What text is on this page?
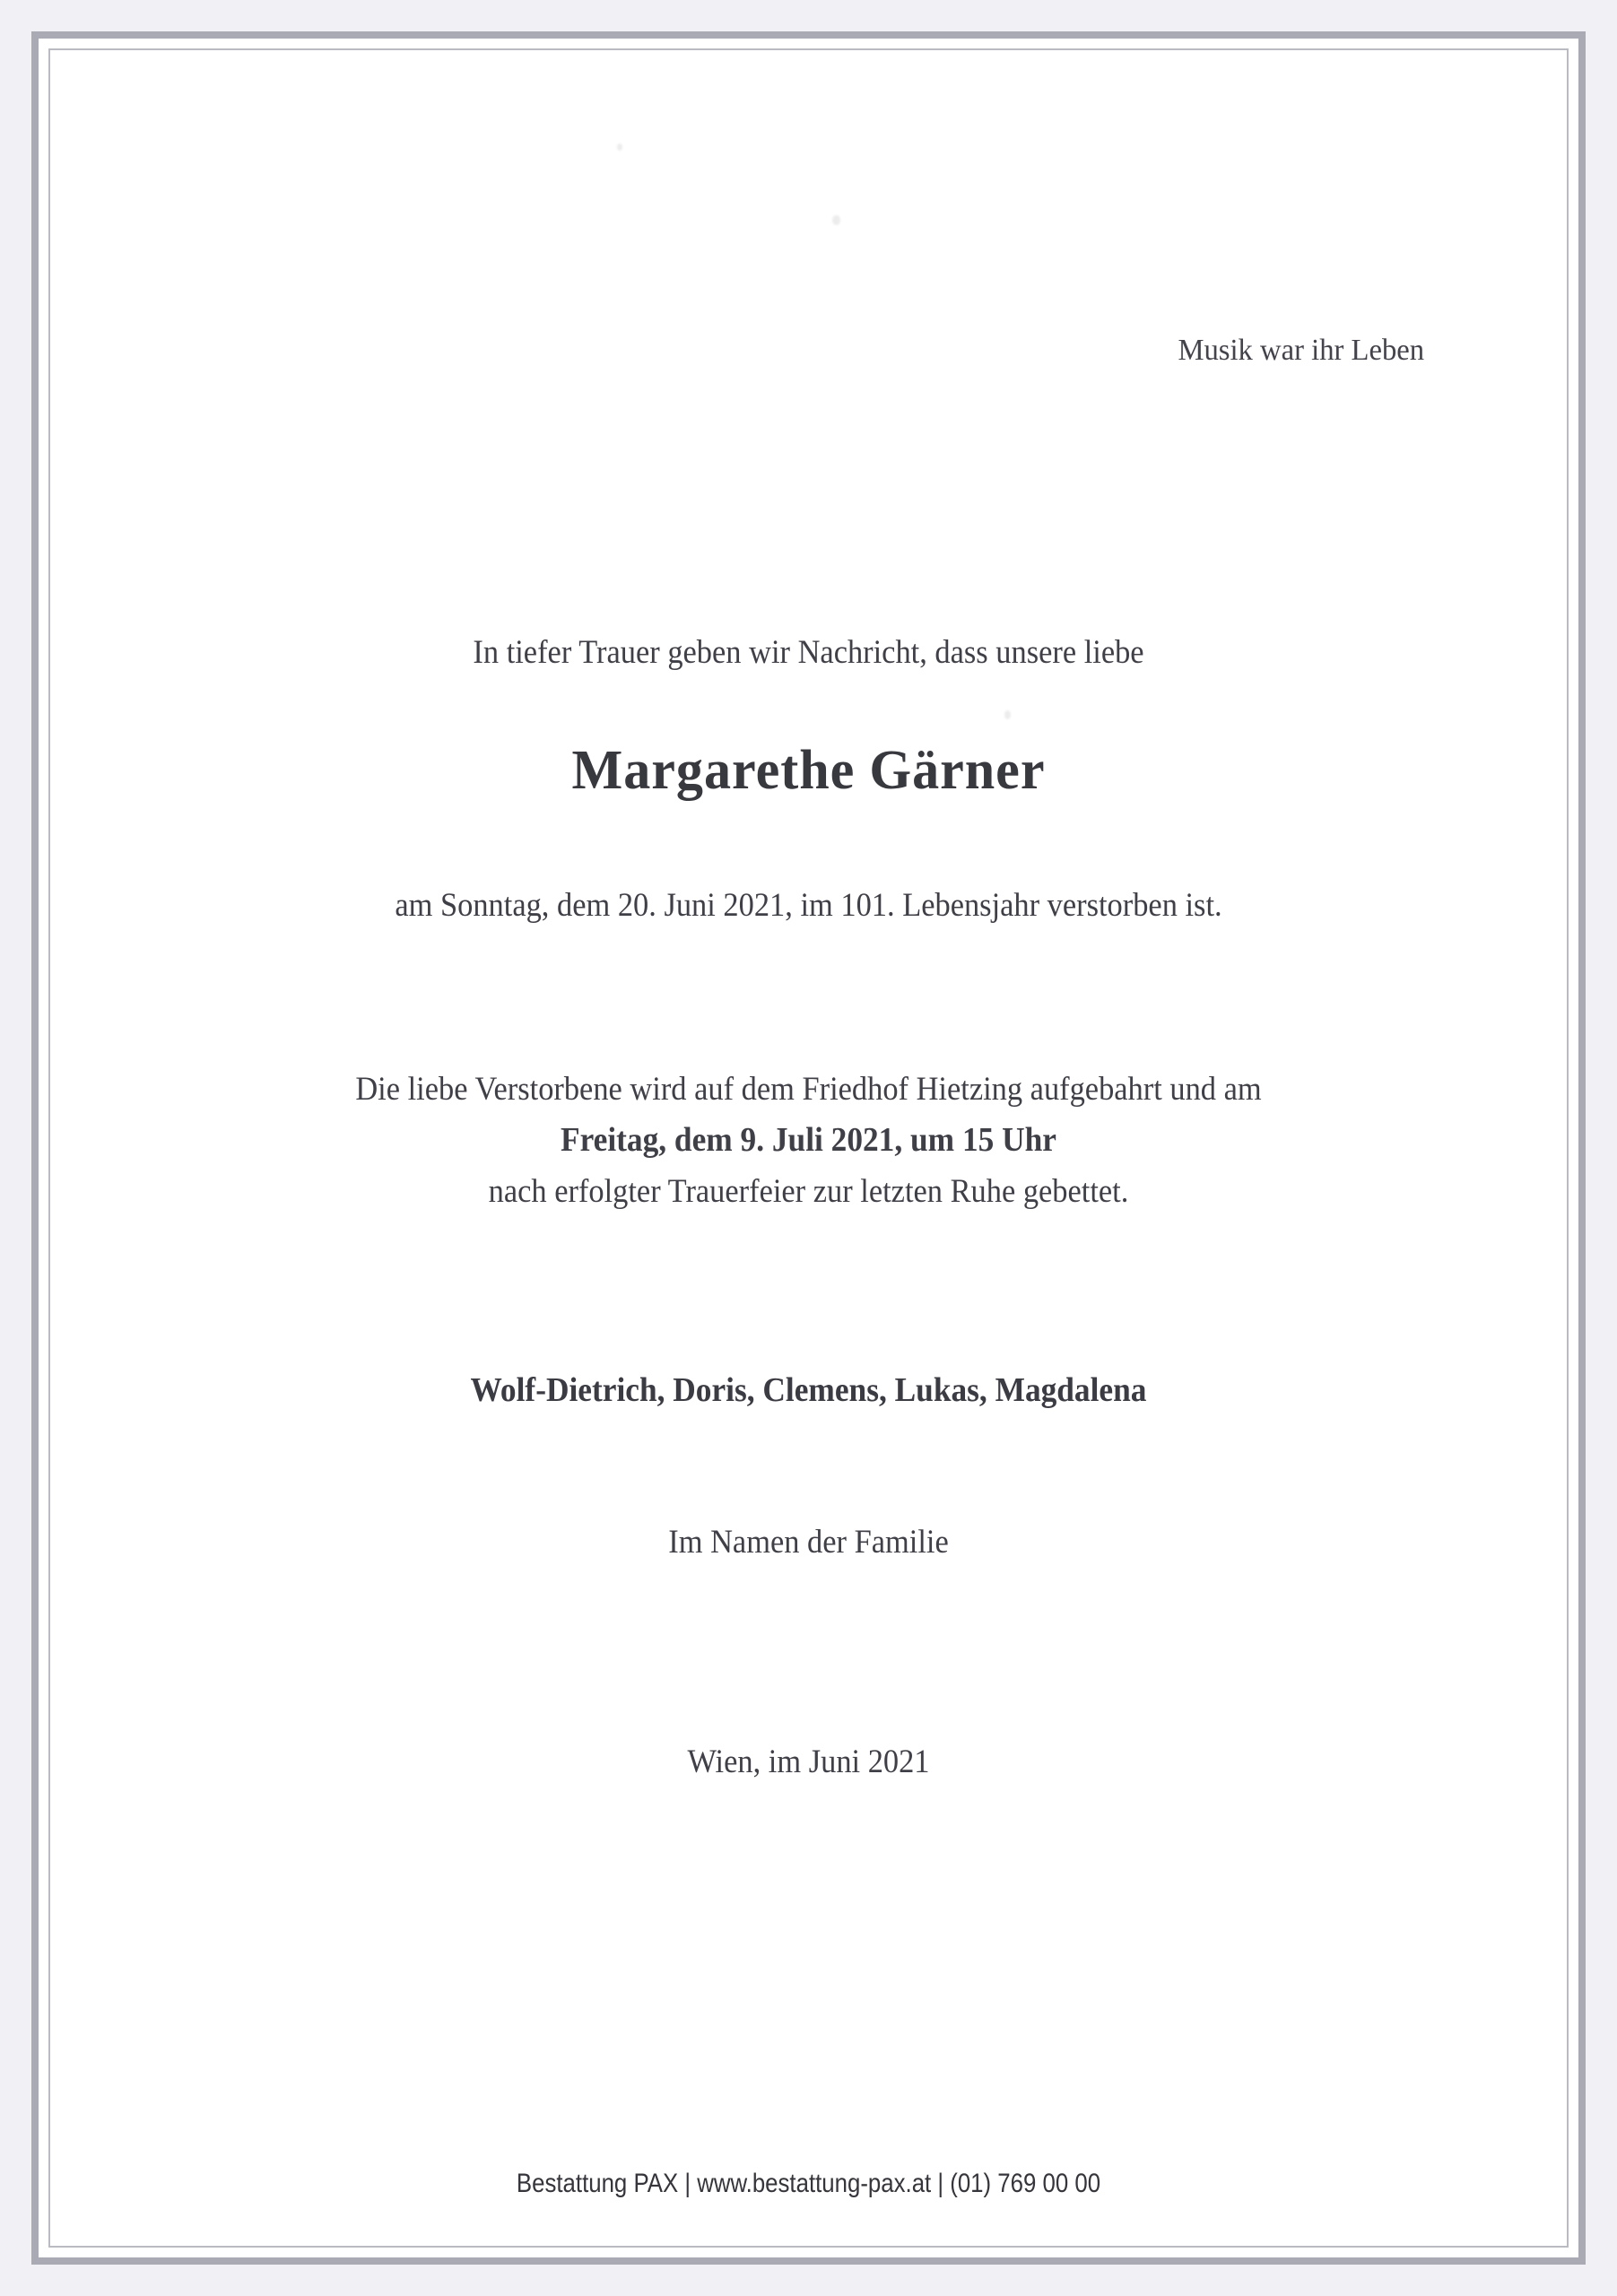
Musik war ihr Leben
In tiefer Trauer geben wir Nachricht, dass unsere liebe
Margarethe Gärner
am Sonntag, dem 20. Juni 2021, im 101. Lebensjahr verstorben ist.
Die liebe Verstorbene wird auf dem Friedhof Hietzing aufgebahrt und am
Freitag, dem 9. Juli 2021, um 15 Uhr
nach erfolgter Trauerfeier zur letzten Ruhe gebettet.
Wolf-Dietrich, Doris, Clemens, Lukas, Magdalena
Im Namen der Familie
Wien, im Juni 2021
Bestattung PAX | www.bestattung-pax.at | (01) 769 00 00
